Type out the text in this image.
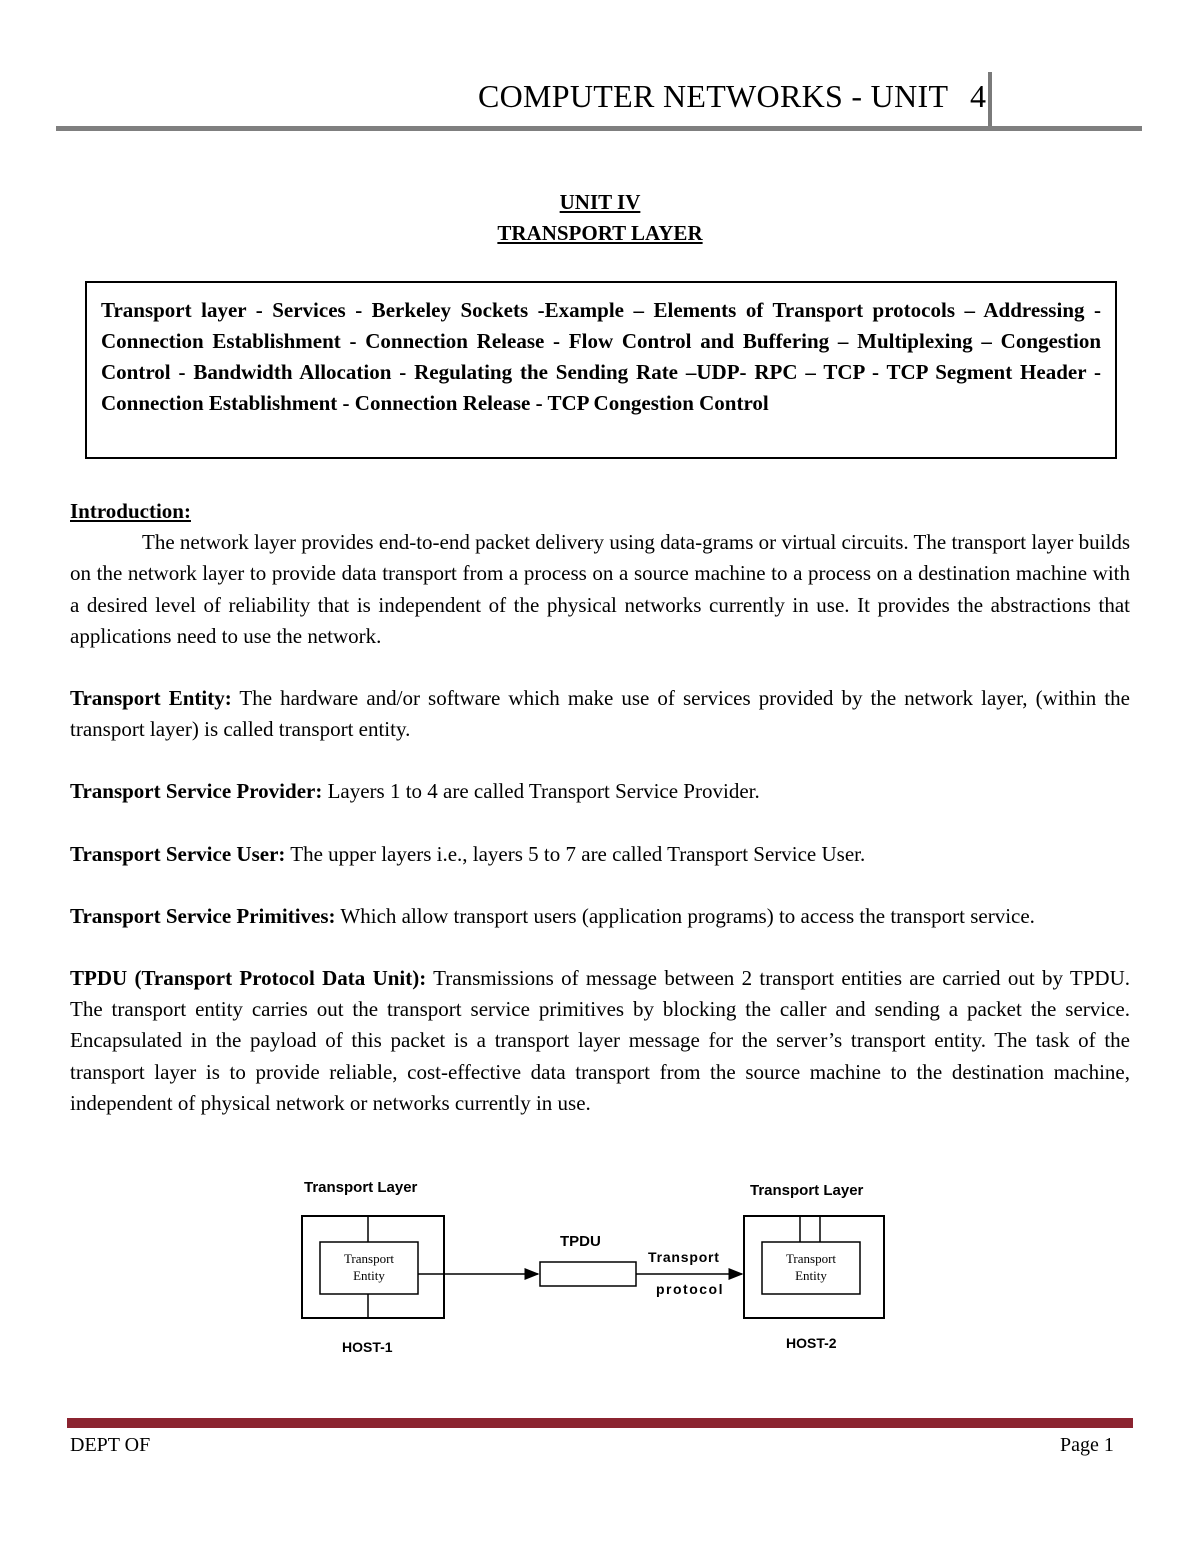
COMPUTER NETWORKS - UNIT 4
UNIT IV
TRANSPORT LAYER
Transport layer - Services - Berkeley Sockets -Example – Elements of Transport protocols – Addressing - Connection Establishment - Connection Release - Flow Control and Buffering – Multiplexing – Congestion Control - Bandwidth Allocation - Regulating the Sending Rate –UDP- RPC – TCP - TCP Segment Header - Connection Establishment - Connection Release - TCP Congestion Control

Introduction:
The network layer provides end-to-end packet delivery using data-grams or virtual circuits. The transport layer builds on the network layer to provide data transport from a process on a source machine to a process on a destination machine with a desired level of reliability that is independent of the physical networks currently in use. It provides the abstractions that applications need to use the network.

Transport Entity: The hardware and/or software which make use of services provided by the network layer, (within the transport layer) is called transport entity.

Transport Service Provider: Layers 1 to 4 are called Transport Service Provider.

Transport Service User: The upper layers i.e., layers 5 to 7 are called Transport Service User.

Transport Service Primitives: Which allow transport users (application programs) to access the transport service.

TPDU (Transport Protocol Data Unit): Transmissions of message between 2 transport entities are carried out by TPDU. The transport entity carries out the transport service primitives by blocking the caller and sending a packet the service. Encapsulated in the payload of this packet is a transport layer message for the server’s transport entity. The task of the transport layer is to provide reliable, cost-effective data transport from the source machine to the destination machine, independent of physical network or networks currently in use.

Transport Layer
Transport
Entity
HOST-1
TPDU
Transport
protocol
Transport Layer
Transport
Entity
HOST-2
DEPT OF	Page 1
